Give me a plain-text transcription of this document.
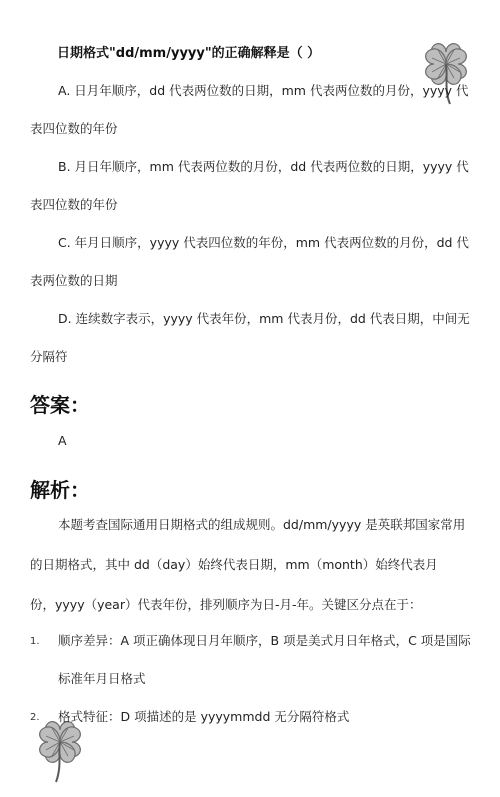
日期格式"dd/mm/yyyy"的正确解释是（ ）
A. 日月年顺序，dd 代表两位数的日期，mm 代表两位数的月份，yyyy 代
表四位数的年份
B. 月日年顺序，mm 代表两位数的月份，dd 代表两位数的日期，yyyy 代
表四位数的年份
C. 年月日顺序，yyyy 代表四位数的年份，mm 代表两位数的月份，dd 代
表两位数的日期
D. 连续数字表示，yyyy 代表年份，mm 代表月份，dd 代表日期，中间无
分隔符
答案：
A
解析：
本题考查国际通用日期格式的组成规则。dd/mm/yyyy 是英联邦国家常用
的日期格式，其中 dd（day）始终代表日期，mm（month）始终代表月
份，yyyy（year）代表年份，排列顺序为日-月-年。关键区分点在于：
1. 顺序差异：A 项正确体现日月年顺序，B 项是美式月日年格式，C 项是国际
标准年月日格式
2. 格式特征：D 项描述的是 yyyymmdd 无分隔符格式
